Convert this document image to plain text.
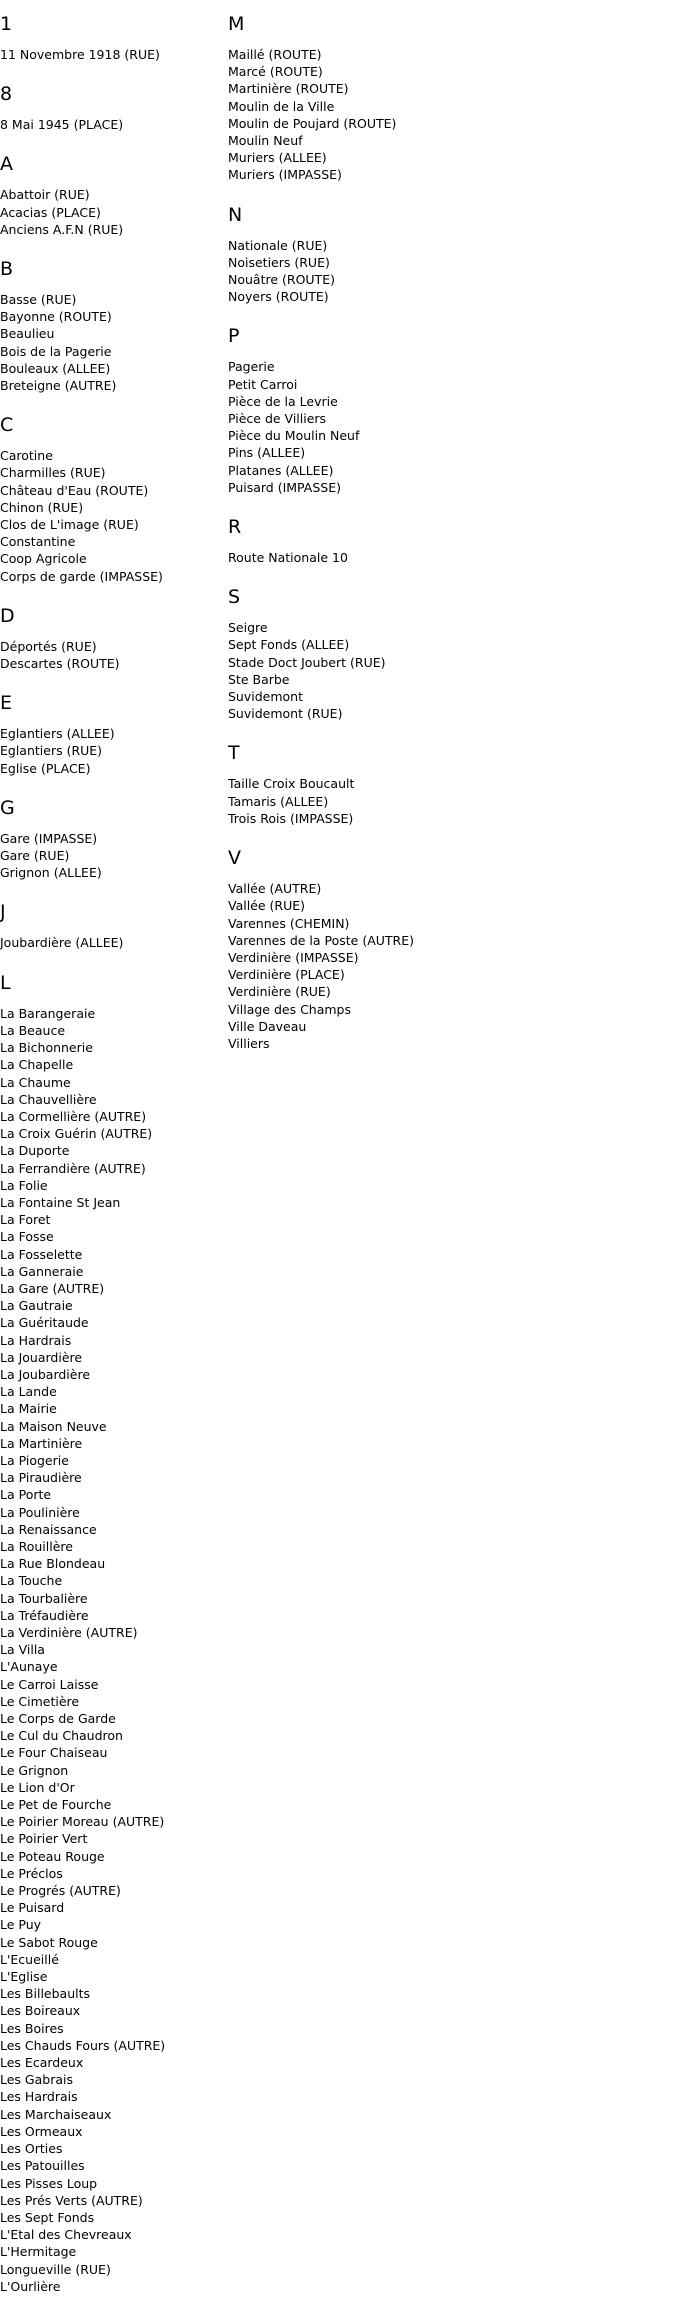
1
11 Novembre 1918 (RUE)
8
8 Mai 1945 (PLACE)
A
Abattoir (RUE)
Acacias (PLACE)
Anciens A.F.N (RUE)
B
Basse (RUE)
Bayonne (ROUTE)
Beaulieu
Bois de la Pagerie
Bouleaux (ALLEE)
Breteigne (AUTRE)
C
Carotine
Charmilles (RUE)
Château d'Eau (ROUTE)
Chinon (RUE)
Clos de L'image (RUE)
Constantine
Coop Agricole
Corps de garde (IMPASSE)
D
Déportés (RUE)
Descartes (ROUTE)
E
Eglantiers (ALLEE)
Eglantiers (RUE)
Eglise (PLACE)
G
Gare (IMPASSE)
Gare (RUE)
Grignon (ALLEE)
J
Joubardière (ALLEE)
L
La Barangeraie
La Beauce
La Bichonnerie
La Chapelle
La Chaume
La Chauvellière
La Cormellière (AUTRE)
La Croix Guérin (AUTRE)
La Duporte
La Ferrandière (AUTRE)
La Folie
La Fontaine St Jean
La Foret
La Fosse
La Fosselette
La Ganneraie
La Gare (AUTRE)
La Gautraie
La Guéritaude
La Hardrais
La Jouardière
La Joubardière
La Lande
La Mairie
La Maison Neuve
La Martinière
La Piogerie
La Piraudière
La Porte
La Poulinière
La Renaissance
La Rouillère
La Rue Blondeau
La Touche
La Tourbalière
La Tréfaudière
La Verdinière (AUTRE)
La Villa
L'Aunaye
Le Carroi Laisse
Le Cimetière
Le Corps de Garde
Le Cul du Chaudron
Le Four Chaiseau
Le Grignon
Le Lion d'Or
Le Pet de Fourche
Le Poirier Moreau (AUTRE)
Le Poirier Vert
Le Poteau Rouge
Le Préclos
Le Progrés (AUTRE)
Le Puisard
Le Puy
Le Sabot Rouge
L'Ecueillé
L'Eglise
Les Billebaults
Les Boireaux
Les Boires
Les Chauds Fours (AUTRE)
Les Ecardeux
Les Gabrais
Les Hardrais
Les Marchaiseaux
Les Ormeaux
Les Orties
Les Patouilles
Les Pisses Loup
Les Prés Verts (AUTRE)
Les Sept Fonds
L'Etal des Chevreaux
L'Hermitage
Longueville (RUE)
L'Ourlière
M
Maillé (ROUTE)
Marcé (ROUTE)
Martinière (ROUTE)
Moulin de la Ville
Moulin de Poujard (ROUTE)
Moulin Neuf
Muriers (ALLEE)
Muriers (IMPASSE)
N
Nationale (RUE)
Noisetiers (RUE)
Nouâtre (ROUTE)
Noyers (ROUTE)
P
Pagerie
Petit Carroi
Pièce de la Levrie
Pièce de Villiers
Pièce du Moulin Neuf
Pins (ALLEE)
Platanes (ALLEE)
Puisard (IMPASSE)
R
Route Nationale 10
S
Seigre
Sept Fonds (ALLEE)
Stade Doct Joubert (RUE)
Ste Barbe
Suvidemont
Suvidemont (RUE)
T
Taille Croix Boucault
Tamaris (ALLEE)
Trois Rois (IMPASSE)
V
Vallée (AUTRE)
Vallée (RUE)
Varennes (CHEMIN)
Varennes de la Poste (AUTRE)
Verdinière (IMPASSE)
Verdinière (PLACE)
Verdinière (RUE)
Village des Champs
Ville Daveau
Villiers
